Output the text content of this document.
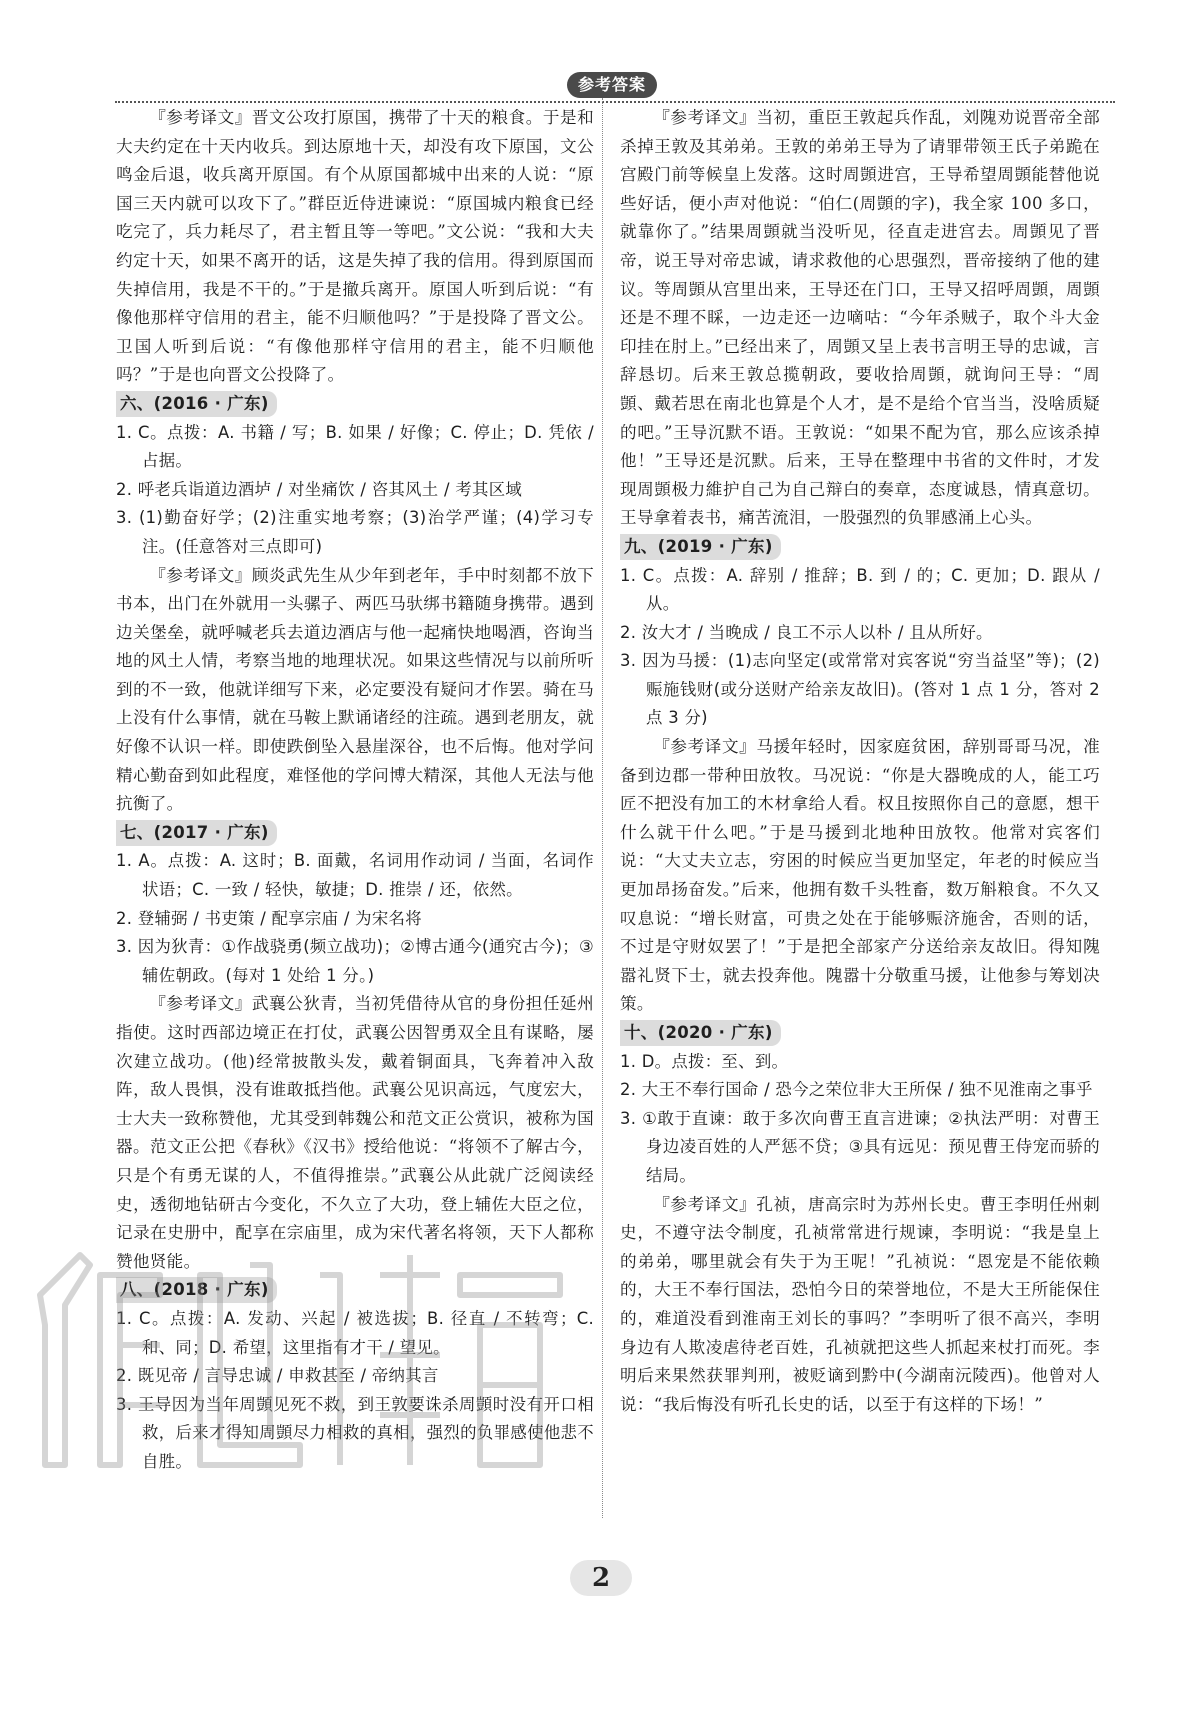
参考答案

『参考译文』晋文公攻打原国，携带了十天的粮食。于是和大夫约定在十天内收兵。到达原地十天，却没有攻下原国，文公鸣金后退，收兵离开原国。有个从原国都城中出来的人说：“原国三天内就可以攻下了。”群臣近侍进谏说：“原国城内粮食已经吃完了，兵力耗尽了，君主暂且等一等吧。”文公说：“我和大夫约定十天，如果不离开的话，这是失掉了我的信用。得到原国而失掉信用，我是不干的。”于是撤兵离开。原国人听到后说：“有像他那样守信用的君主，能不归顺他吗？”于是投降了晋文公。卫国人听到后说：“有像他那样守信用的君主，能不归顺他吗？”于是也向晋文公投降了。

六、(2016 · 广东)

1. C。点拨：A. 书籍 / 写；B. 如果 / 好像；C. 停止；D. 凭依 / 占据。

2. 呼老兵诣道边酒垆 / 对坐痛饮 / 咨其风土 / 考其区域

3. (1)勤奋好学；(2)注重实地考察；(3)治学严谨；(4)学习专注。(任意答对三点即可)

『参考译文』顾炎武先生从少年到老年，手中时刻都不放下书本，出门在外就用一头骡子、两匹马驮绑书籍随身携带。遇到边关堡垒，就呼喊老兵去道边酒店与他一起痛快地喝酒，咨询当地的风土人情，考察当地的地理状况。如果这些情况与以前所听到的不一致，他就详细写下来，必定要没有疑问才作罢。骑在马上没有什么事情，就在马鞍上默诵诸经的注疏。遇到老朋友，就好像不认识一样。即使跌倒坠入悬崖深谷，也不后悔。他对学问精心勤奋到如此程度，难怪他的学问博大精深，其他人无法与他抗衡了。

七、(2017 · 广东)

1. A。点拨：A. 这时；B. 面戴，名词用作动词 / 当面，名词作状语；C. 一致 / 轻快，敏捷；D. 推崇 / 还，依然。

2. 登辅弼 / 书吏策 / 配享宗庙 / 为宋名将

3. 因为狄青：①作战骁勇(频立战功)；②博古通今(通究古今)；③辅佐朝政。(每对 1 处给 1 分。)

『参考译文』武襄公狄青，当初凭借待从官的身份担任延州指使。这时西部边境正在打仗，武襄公因智勇双全且有谋略，屡次建立战功。(他)经常披散头发，戴着铜面具，飞奔着冲入敌阵，敌人畏惧，没有谁敢抵挡他。武襄公见识高远，气度宏大，士大夫一致称赞他，尤其受到韩魏公和范文正公赏识，被称为国器。范文正公把《春秋》《汉书》授给他说：“将领不了解古今，只是个有勇无谋的人，不值得推崇。”武襄公从此就广泛阅读经史，透彻地钻研古今变化，不久立了大功，登上辅佐大臣之位，记录在史册中，配享在宗庙里，成为宋代著名将领，天下人都称赞他贤能。

八、(2018 · 广东)

1. C。点拨：A. 发动、兴起 / 被选拔；B. 径直 / 不转弯；C. 和、同；D. 希望，这里指有才干 / 望见。

2. 既见帝 / 言导忠诚 / 申救甚至 / 帝纳其言

3. 王导因为当年周顗见死不救，到王敦要诛杀周顗时没有开口相救，后来才得知周顗尽力相救的真相，强烈的负罪感使他悲不自胜。

『参考译文』当初，重臣王敦起兵作乱，刘隗劝说晋帝全部杀掉王敦及其弟弟。王敦的弟弟王导为了请罪带领王氏子弟跪在宫殿门前等候皇上发落。这时周顗进宫，王导希望周顗能替他说些好话，便小声对他说：“伯仁(周顗的字)，我全家 100 多口，就靠你了。”结果周顗就当没听见，径直走进宫去。周顗见了晋帝，说王导对帝忠诚，请求救他的心思强烈，晋帝接纳了他的建议。等周顗从宫里出来，王导还在门口，王导又招呼周顗，周顗还是不理不睬，一边走还一边嘀咕：“今年杀贼子，取个斗大金印挂在肘上。”已经出来了，周顗又呈上表书言明王导的忠诚，言辞恳切。后来王敦总揽朝政，要收拾周顗，就询问王导：“周顗、戴若思在南北也算是个人才，是不是给个官当当，没啥质疑的吧。”王导沉默不语。王敦说：“如果不配为官，那么应该杀掉他！”王导还是沉默。后来，王导在整理中书省的文件时，才发现周顗极力維护自己为自己辩白的奏章，态度诚恳，情真意切。王导拿着表书，痛苦流泪，一股强烈的负罪感涌上心头。

九、(2019 · 广东)

1. C。点拨：A. 辞别 / 推辞；B. 到 / 的；C. 更加；D. 跟从 / 从。

2. 汝大才 / 当晚成 / 良工不示人以朴 / 且从所好。

3. 因为马援：(1)志向坚定(或常常对宾客说“穷当益坚”等)；(2)赈施钱财(或分送财产给亲友故旧)。(答对 1 点 1 分，答对 2 点 3 分)

『参考译文』马援年轻时，因家庭贫困，辞别哥哥马况，准备到边郡一带种田放牧。马况说：“你是大器晚成的人，能工巧匠不把没有加工的木材拿给人看。权且按照你自己的意愿，想干什么就干什么吧。”于是马援到北地种田放牧。他常对宾客们说：“大丈夫立志，穷困的时候应当更加坚定，年老的时候应当更加昂扬奋发。”后来，他拥有数千头牲畜，数万斛粮食。不久又叹息说：“增长财富，可贵之处在于能够赈济施舍，否则的话，不过是守财奴罢了！”于是把全部家产分送给亲友故旧。得知隗嚣礼贤下士，就去投奔他。隗嚣十分敬重马援，让他参与筹划决策。

十、(2020 · 广东)

1. D。点拨：至、到。

2. 大王不奉行国命 / 恐今之荣位非大王所保 / 独不见淮南之事乎

3. ①敢于直谏：敢于多次向曹王直言进谏；②执法严明：对曹王身边凌百姓的人严惩不贷；③具有远见：预见曹王侍宠而骄的结局。

『参考译文』孔祯，唐高宗时为苏州长史。曹王李明任州刺史，不遵守法令制度，孔祯常常进行规谏，李明说：“我是皇上的弟弟，哪里就会有失于为王呢！”孔祯说：“恩宠是不能依赖的，大王不奉行国法，恐怕今日的荣誉地位，不是大王所能保住的，难道没看到淮南王刘长的事吗？”李明听了很不高兴，李明身边有人欺凌虐待老百姓，孔祯就把这些人抓起来杖打而死。李明后来果然获罪判刑，被贬谪到黔中(今湖南沅陵西)。他曾对人说：“我后悔没有听孔长史的话，以至于有这样的下场！”

2
